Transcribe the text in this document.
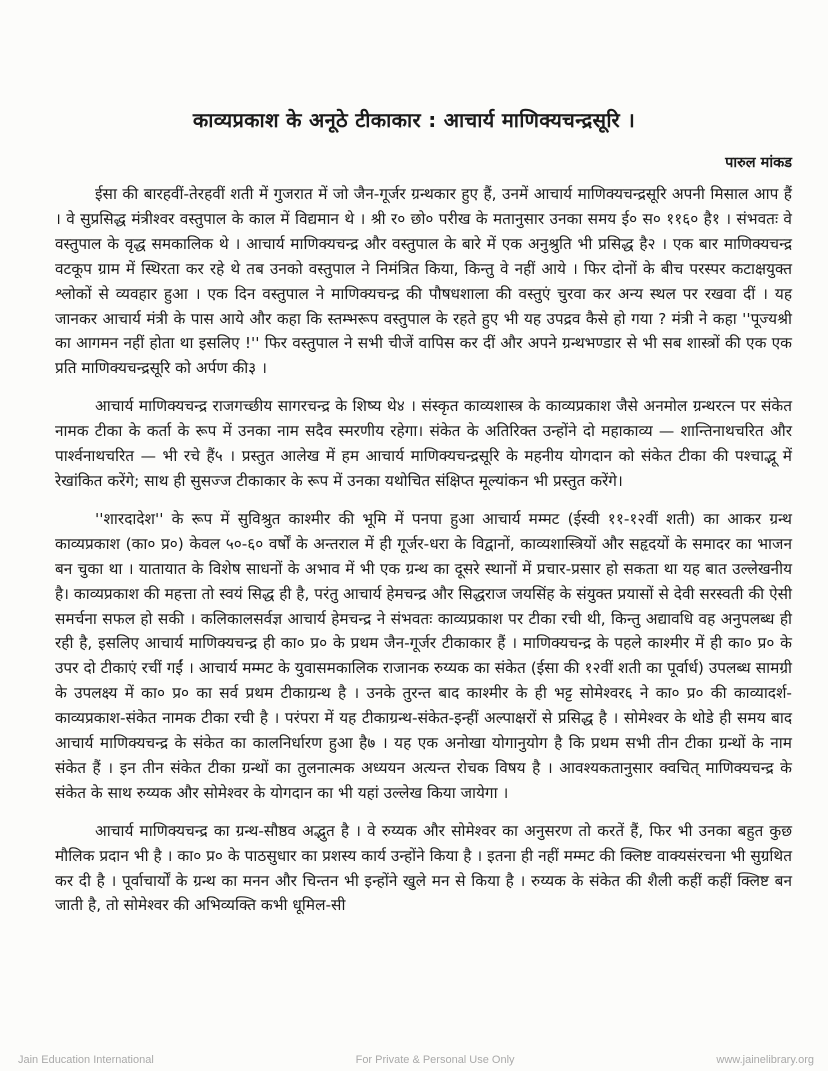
काव्यप्रकाश के अनूठे टीकाकार : आचार्य माणिक्यचन्द्रसूरि ।
पारुल मांकड

ईसा की बारहवीं-तेरहवीं शती में गुजरात में जो जैन-गूर्जर ग्रन्थकार हुए हैं, उनमें आचार्य माणिक्यचन्द्रसूरि अपनी मिसाल आप हैं । वे सुप्रसिद्ध मंत्रीश्वर वस्तुपाल के काल में विद्यमान थे । श्री र० छो० परीख के मतानुसार उनका समय ई० स० ११६० है१ । संभवतः वे वस्तुपाल के वृद्ध समकालिक थे । आचार्य माणिक्यचन्द्र और वस्तुपाल के बारे में एक अनुश्रुति भी प्रसिद्ध है२ । एक बार माणिक्यचन्द्र वटकूप ग्राम में स्थिरता कर रहे थे तब उनको वस्तुपाल ने निमंत्रित किया, किन्तु वे नहीं आये । फिर दोनों के बीच परस्पर कटाक्षयुक्त श्लोकों से व्यवहार हुआ । एक दिन वस्तुपाल ने माणिक्यचन्द्र की पौषधशाला की वस्तुएं चुरवा कर अन्य स्थल पर रखवा दीं । यह जानकर आचार्य मंत्री के पास आये और कहा कि स्तम्भरूप वस्तुपाल के रहते हुए भी यह उपद्रव कैसे हो गया ? मंत्री ने कहा ''पूज्यश्री का आगमन नहीं होता था इसलिए !'' फिर वस्तुपाल ने सभी चीजें वापिस कर दीं और अपने ग्रन्थभण्डार से भी सब शास्त्रों की एक एक प्रति माणिक्यचन्द्रसूरि को अर्पण की३ ।

आचार्य माणिक्यचन्द्र राजगच्छीय सागरचन्द्र के शिष्य थे४ । संस्कृत काव्यशास्त्र के काव्यप्रकाश जैसे अनमोल ग्रन्थरत्न पर संकेत नामक टीका के कर्ता के रूप में उनका नाम सदैव स्मरणीय रहेगा। संकेत के अतिरिक्त उन्होंने दो महाकाव्य — शान्तिनाथचरित और पार्श्वनाथचरित — भी रचे हैं५ । प्रस्तुत आलेख में हम आचार्य माणिक्यचन्द्रसूरि के महनीय योगदान को संकेत टीका की पश्चाद्भू में रेखांकित करेंगे; साथ ही सुसज्ज टीकाकार के रूप में उनका यथोचित संक्षिप्त मूल्यांकन भी प्रस्तुत करेंगे।

''शारदादेश'' के रूप में सुविश्रुत काश्मीर की भूमि में पनपा हुआ आचार्य मम्मट (ईस्वी ११-१२वीं शती) का आकर ग्रन्थ काव्यप्रकाश (का० प्र०) केवल ५०-६० वर्षों के अन्तराल में ही गूर्जर-धरा के विद्वानों, काव्यशास्त्रियों और सहृदयों के समादर का भाजन बन चुका था । यातायात के विशेष साधनों के अभाव में भी एक ग्रन्थ का दूसरे स्थानों में प्रचार-प्रसार हो सकता था यह बात उल्लेखनीय है। काव्यप्रकाश की महत्ता तो स्वयं सिद्ध ही है, परंतु आचार्य हेमचन्द्र और सिद्धराज जयसिंह के संयुक्त प्रयासों से देवी सरस्वती की ऐसी समर्चना सफल हो सकी । कलिकालसर्वज्ञ आचार्य हेमचन्द्र ने संभवतः काव्यप्रकाश पर टीका रची थी, किन्तु अद्यावधि वह अनुपलब्ध ही रही है, इसलिए आचार्य माणिक्यचन्द्र ही का० प्र० के प्रथम जैन-गूर्जर टीकाकार हैं । माणिक्यचन्द्र के पहले काश्मीर में ही का० प्र० के उपर दो टीकाएं रचीं गईं । आचार्य मम्मट के युवासमकालिक राजानक रुय्यक का संकेत (ईसा की १२वीं शती का पूर्वार्ध) उपलब्ध सामग्री के उपलक्ष्य में का० प्र० का सर्व प्रथम टीकाग्रन्थ है । उनके तुरन्त बाद काश्मीर के ही भट्ट सोमेश्वर६ ने का० प्र० की काव्यादर्श-काव्यप्रकाश-संकेत नामक टीका रची है । परंपरा में यह टीकाग्रन्थ-संकेत-इन्हीं अल्पाक्षरों से प्रसिद्ध है । सोमेश्वर के थोडे ही समय बाद आचार्य माणिक्यचन्द्र के संकेत का कालनिर्धारण हुआ है७ । यह एक अनोखा योगानुयोग है कि प्रथम सभी तीन टीका ग्रन्थों के नाम संकेत हैं । इन तीन संकेत टीका ग्रन्थों का तुलनात्मक अध्ययन अत्यन्त रोचक विषय है । आवश्यकतानुसार क्वचित् माणिक्यचन्द्र के संकेत के साथ रुय्यक और सोमेश्वर के योगदान का भी यहां उल्लेख किया जायेगा ।

आचार्य माणिक्यचन्द्र का ग्रन्थ-सौष्ठव अद्भुत है । वे रुय्यक और सोमेश्वर का अनुसरण तो करतें हैं, फिर भी उनका बहुत कुछ मौलिक प्रदान भी है । का० प्र० के पाठसुधार का प्रशस्य कार्य उन्होंने किया है । इतना ही नहीं मम्मट की क्लिष्ट वाक्यसंरचना भी सुग्रथित कर दी है । पूर्वाचार्यों के ग्रन्थ का मनन और चिन्तन भी इन्होंने खुले मन से किया है । रुय्यक के संकेत की शैली कहीं कहीं क्लिष्ट बन जाती है, तो सोमेश्वर की अभिव्यक्ति कभी धूमिल-सी

Jain Education International	For Private & Personal Use Only	www.jainelibrary.org
